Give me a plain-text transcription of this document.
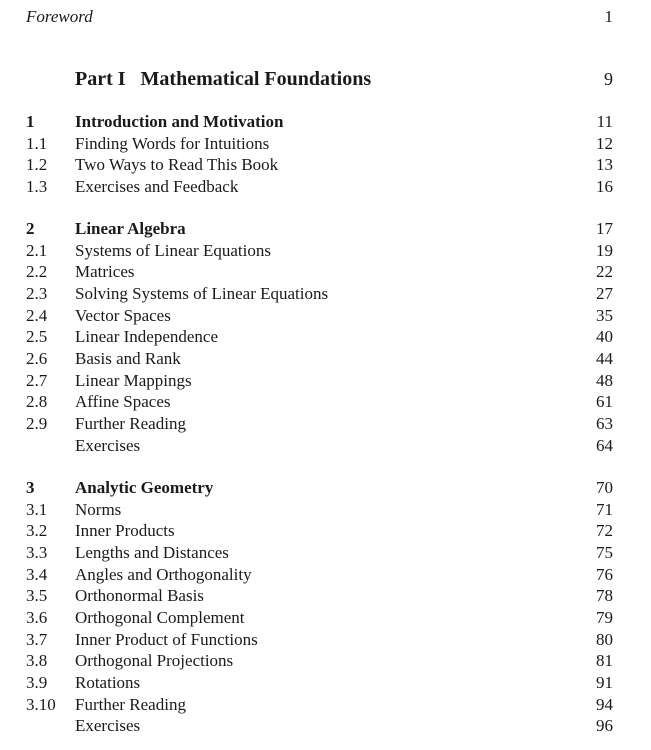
Foreword	1
Part I Mathematical Foundations	9
1 Introduction and Motivation	11
1.1 Finding Words for Intuitions	12
1.2 Two Ways to Read This Book	13
1.3 Exercises and Feedback	16
2 Linear Algebra	17
2.1 Systems of Linear Equations	19
2.2 Matrices	22
2.3 Solving Systems of Linear Equations	27
2.4 Vector Spaces	35
2.5 Linear Independence	40
2.6 Basis and Rank	44
2.7 Linear Mappings	48
2.8 Affine Spaces	61
2.9 Further Reading	63
Exercises	64
3 Analytic Geometry	70
3.1 Norms	71
3.2 Inner Products	72
3.3 Lengths and Distances	75
3.4 Angles and Orthogonality	76
3.5 Orthonormal Basis	78
3.6 Orthogonal Complement	79
3.7 Inner Product of Functions	80
3.8 Orthogonal Projections	81
3.9 Rotations	91
3.10 Further Reading	94
Exercises	96
